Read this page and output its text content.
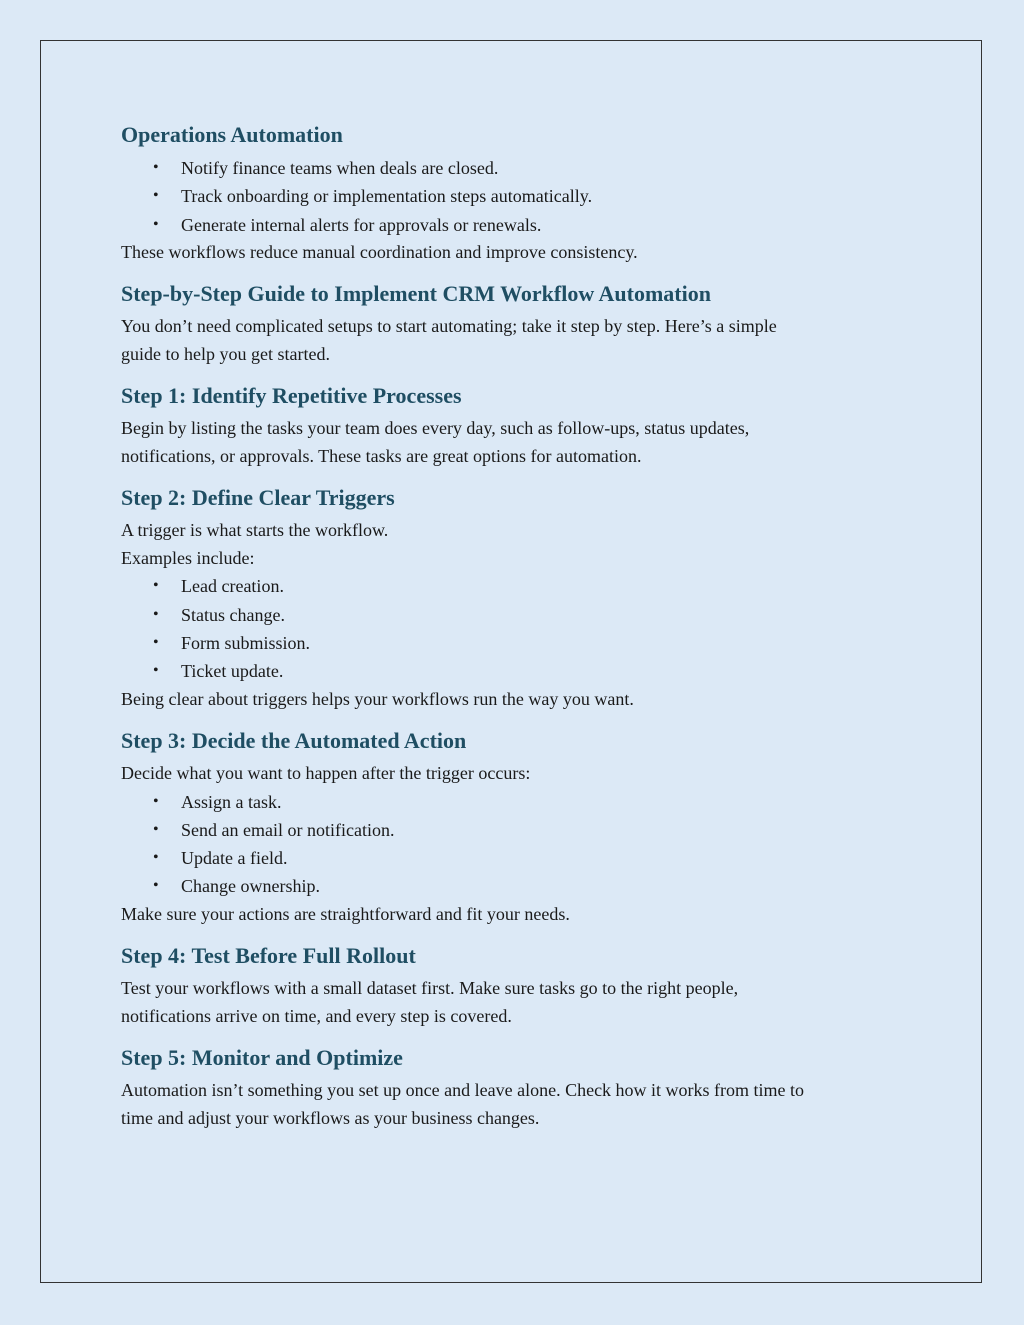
Operations Automation
• Notify finance teams when deals are closed.
• Track onboarding or implementation steps automatically.
• Generate internal alerts for approvals or renewals.

These workflows reduce manual coordination and improve consistency.

Step-by-Step Guide to Implement CRM Workflow Automation

You don’t need complicated setups to start automating; take it step by step. Here’s a simple

guide to help you get started.

Step 1: Identify Repetitive Processes

Begin by listing the tasks your team does every day, such as follow-ups, status updates,

notifications, or approvals. These tasks are great options for automation.

Step 2: Define Clear Triggers

A trigger is what starts the workflow.

Examples include:

• Lead creation.
• Status change.
• Form submission.
• Ticket update.

Being clear about triggers helps your workflows run the way you want.

Step 3: Decide the Automated Action

Decide what you want to happen after the trigger occurs:

• Assign a task.
• Send an email or notification.
• Update a field.
• Change ownership.

Make sure your actions are straightforward and fit your needs.

Step 4: Test Before Full Rollout

Test your workflows with a small dataset first. Make sure tasks go to the right people,

notifications arrive on time, and every step is covered.

Step 5: Monitor and Optimize

Automation isn’t something you set up once and leave alone. Check how it works from time to

time and adjust your workflows as your business changes.
